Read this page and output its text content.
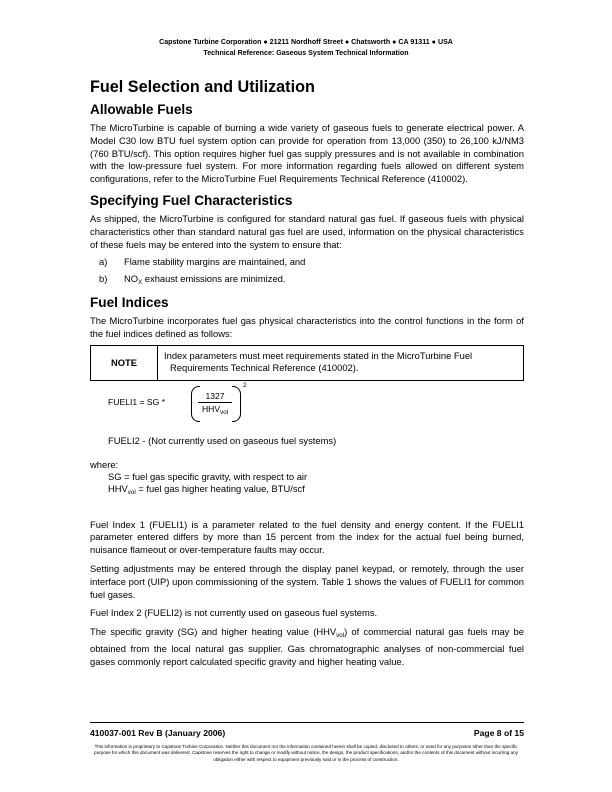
Capstone Turbine Corporation ● 21211 Nordhoff Street ● Chatsworth ● CA 91311 ● USA
Technical Reference: Gaseous System Technical Information
Fuel Selection and Utilization
Allowable Fuels

The MicroTurbine is capable of burning a wide variety of gaseous fuels to generate electrical power. A Model C30 low BTU fuel system option can provide for operation from 13,000 (350) to 26,100 kJ/NM3 (760 BTU/scf). This option requires higher fuel gas supply pressures and is not available in combination with the low-pressure fuel system. For more information regarding fuels allowed on different system configurations, refer to the MicroTurbine Fuel Requirements Technical Reference (410002).

Specifying Fuel Characteristics

As shipped, the MicroTurbine is configured for standard natural gas fuel. If gaseous fuels with physical characteristics other than standard natural gas fuel are used, information on the physical characteristics of these fuels may be entered into the system to ensure that:

a)	Flame stability margins are maintained, and
b)	$NO_X$ exhaust emissions are minimized.
Fuel Indices

The MicroTurbine incorporates fuel gas physical characteristics into the control functions in the form of the fuel indices defined as follows:

NOTE
Index parameters must meet requirements stated in the MicroTurbine Fuel
Requirements Technical Reference (410002).
FUELI1 = SG *
1327
$HHV_{vol}$
2
FUELI2 - (Not currently used on gaseous fuel systems)
where:
SG = fuel gas specific gravity, with respect to air
$HHV_{vol}$ = fuel gas higher heating value, BTU/scf

Fuel Index 1 (FUELI1) is a parameter related to the fuel density and energy content. If the FUELI1 parameter entered differs by more than 15 percent from the index for the actual fuel being burned, nuisance flameout or over-temperature faults may occur.

Setting adjustments may be entered through the display panel keypad, or remotely, through the user interface port (UIP) upon commissioning of the system. Table 1 shows the values of FUELI1 for common fuel gases.

Fuel Index 2 (FUELI2) is not currently used on gaseous fuel systems.

The specific gravity (SG) and higher heating value $(HHV_{vol})$ of commercial natural gas fuels may be obtained from the local natural gas supplier. Gas chromatographic analyses of non-commercial fuel gases commonly report calculated specific gravity and higher heating value.

410037-001 Rev B (January 2006)	Page 8 of 15
This information is proprietary to Capstone Turbine Corporation. Neither this document nor the information contained herein shall be copied, disclosed to others, or used for any purposes other than the specific purpose for which this document was delivered. Capstone reserves the right to change or modify without notice, the design, the product specifications, and/or the contents of this document without incurring any obligation either with respect to equipment previously sold or in the process of construction.
